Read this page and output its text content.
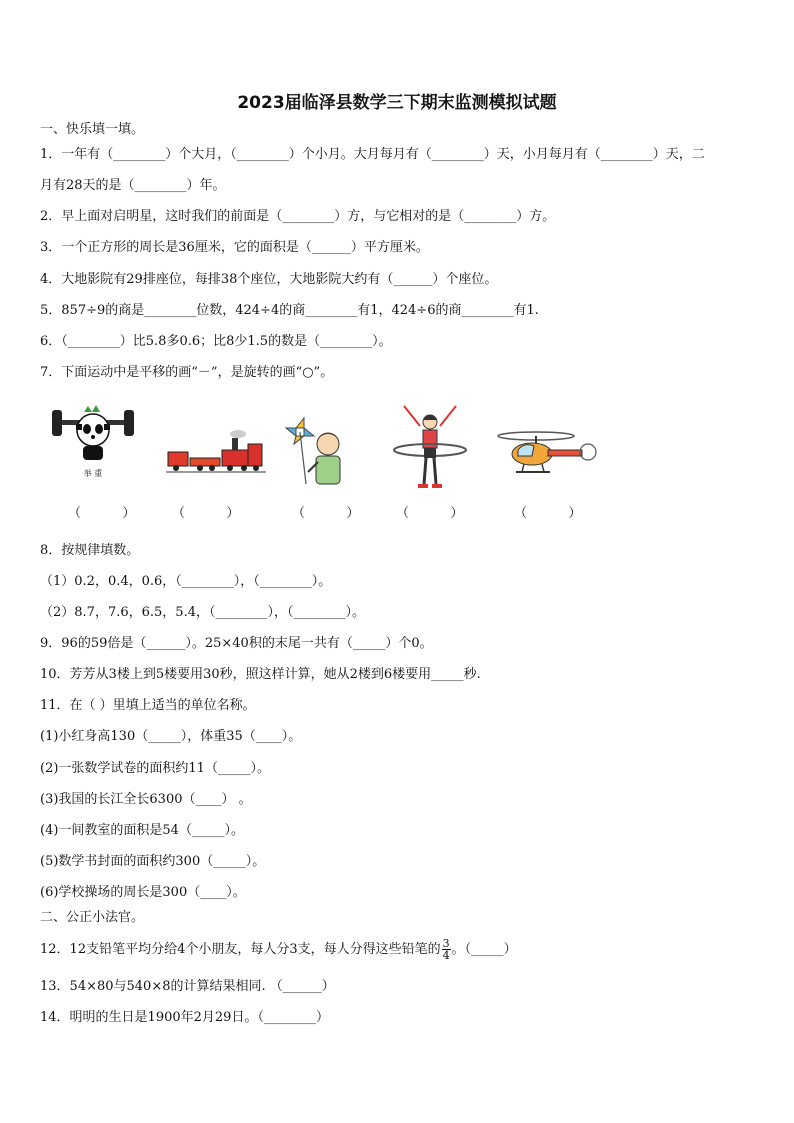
2023届临泽县数学三下期末监测模拟试题
一、快乐填一填。
1．一年有（________）个大月，（________）个小月。大月每月有（________）天，小月每月有（________）天，二
月有28天的是（________）年。
2．早上面对启明星，这时我们的前面是（________）方，与它相对的是（________）方。
3．一个正方形的周长是36厘米，它的面积是（______）平方厘米。
4．大地影院有29排座位，每排38个座位，大地影院大约有（______）个座位。
5．857÷9的商是________位数，424÷4的商________有1，424÷6的商________有1.
6．（________）比5.8多0.6；比8少1.5的数是（________）。
7．下面运动中是平移的画“－”，是旋转的画“○”。
举 重
（          ）	（          ）	（          ）	（          ）	（          ）
8．按规律填数。
（1）0.2，0.4，0.6，（________），（________）。
（2）8.7，7.6，6.5，5.4，（________），（________）。
9．96的59倍是（______）。25×40积的末尾一共有（_____）个0。
10．芳芳从3楼上到5楼要用30秒，照这样计算，她从2楼到6楼要用_____秒.
11．在（ ）里填上适当的单位名称。
(1)小红身高130（_____），体重35（____）。
(2)一张数学试卷的面积约11（_____）。
(3)我国的长江全长6300（____） 。
(4)一间教室的面积是54（_____）。
(5)数学书封面的面积约300（_____）。
(6)学校操场的周长是300（____）。
二、公正小法官。
12．12支铅笔平均分给4个小朋友，每人分3支，每人分得这些铅笔的 $\frac{3}{4}$ 。（_____）
13．54×80与540×8的计算结果相同. （______）
14．明明的生日是1900年2月29日。（________）
